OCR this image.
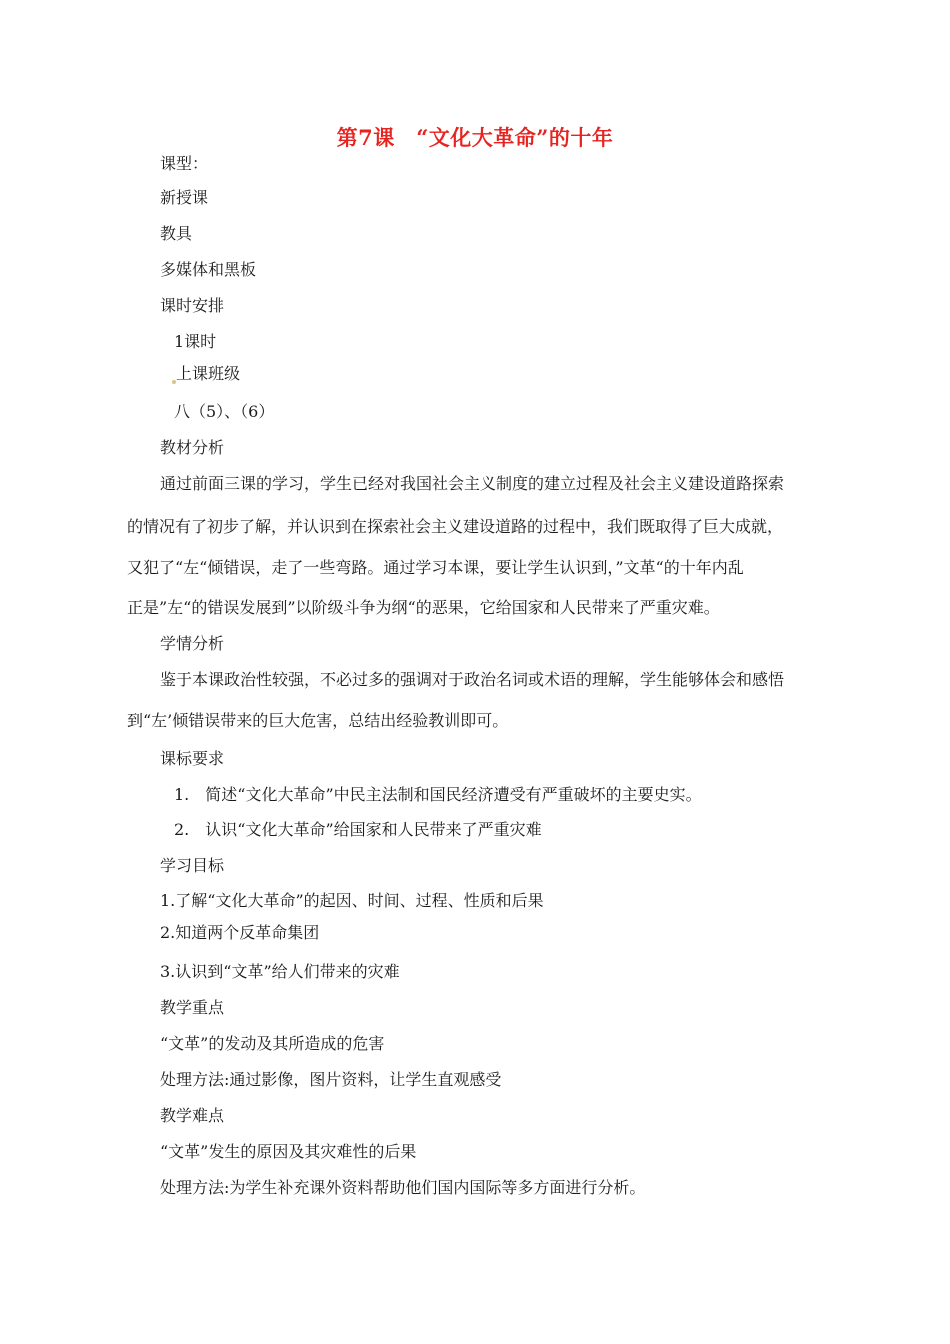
第7课　“文化大革命”的十年
课型：
新授课
教具
多媒体和黑板
课时安排
1课时
上课班级
八（5）、（6）
教材分析
通过前面三课的学习，学生已经对我国社会主义制度的建立过程及社会主义建设道路探索
的情况有了初步了解，并认识到在探索社会主义建设道路的过程中，我们既取得了巨大成就，
又犯了“左“倾错误，走了一些弯路。通过学习本课，要让学生认识到，”文革“的十年内乱
正是”左“的错误发展到”以阶级斗争为纲“的恶果，它给国家和人民带来了严重灾难。
学情分析
鉴于本课政治性较强，不必过多的强调对于政治名词或术语的理解，学生能够体会和感悟
到“左’倾错误带来的巨大危害，总结出经验教训即可。
课标要求
1.　简述“文化大革命”中民主法制和国民经济遭受有严重破坏的主要史实。
2.　认识“文化大革命”给国家和人民带来了严重灾难
学习目标
1.了解“文化大革命”的起因、时间、过程、性质和后果
2.知道两个反革命集团
3.认识到“文革”给人们带来的灾难
教学重点
“文革”的发动及其所造成的危害
处理方法:通过影像，图片资料，让学生直观感受
教学难点
“文革”发生的原因及其灾难性的后果
处理方法:为学生补充课外资料帮助他们国内国际等多方面进行分析。
